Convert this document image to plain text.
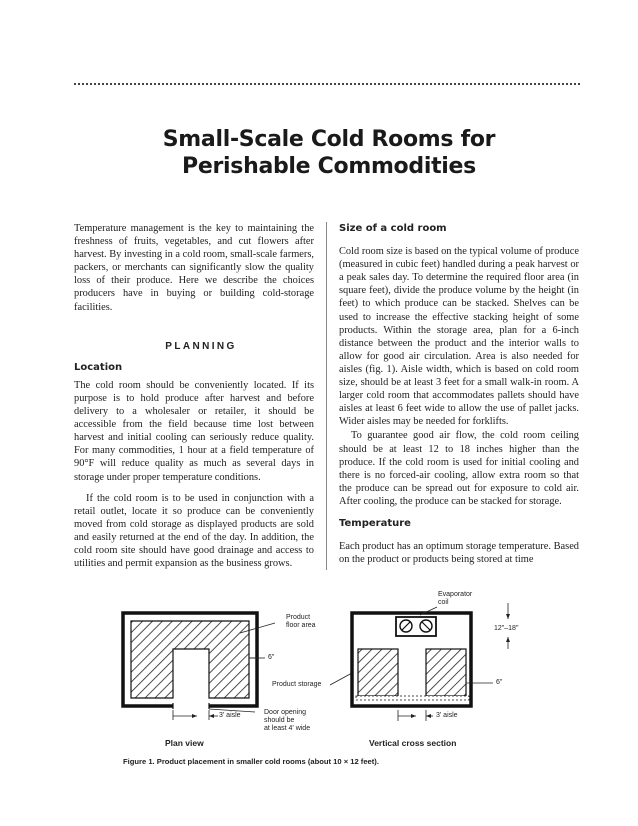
Small-Scale Cold Rooms for
Perishable Commodities

Temperature management is the key to maintaining the freshness of fruits, vegetables, and cut flowers after harvest. By investing in a cold room, small-scale farmers, packers, or merchants can significantly slow the quality loss of their produce. Here we describe the choices producers have in buying or building cold-storage facilities.

PLANNING
Location

The cold room should be conveniently located. If its purpose is to hold produce after harvest and before delivery to a wholesaler or retailer, it should be accessible from the field because time lost between harvest and initial cooling can seriously reduce quality. For many commodities, 1 hour at a field temperature of 90°F will reduce quality as much as several days in storage under proper temperature conditions.

If the cold room is to be used in conjunction with a retail outlet, locate it so produce can be conveniently moved from cold storage as displayed products are sold and easily returned at the end of the day. In addition, the cold room site should have good drainage and access to utilities and permit expansion as the business grows.

Size of a cold room

Cold room size is based on the typical volume of produce (measured in cubic feet) handled during a peak harvest or a peak sales day. To determine the required floor area (in square feet), divide the produce volume by the height (in feet) to which produce can be stacked. Shelves can be used to increase the effective stacking height of some products. Within the storage area, plan for a 6-inch distance between the product and the interior walls to allow for good air circulation. Area is also needed for aisles (fig. 1). Aisle width, which is based on cold room size, should be at least 3 feet for a small walk-in room. A larger cold room that accommodates pallets should have aisles at least 6 feet wide to allow the use of pallet jacks. Wider aisles may be needed for forklifts.

To guarantee good air flow, the cold room ceiling should be at least 12 to 18 inches higher than the produce. If the cold room is used for initial cooling and there is no forced-air cooling, allow extra room so that the produce can be spread out for exposure to cold air. After cooling, the produce can be stacked for storage.

Temperature

Each product has an optimum storage temperature. Based on the product or products being stored at time

Product
floor area
6"
Product storage
3' aisle	Door opening
should be
at least 4' wide
Evaporator
coil
12"–18"
6"
3' aisle
Plan view	Vertical cross section
Figure 1. Product placement in smaller cold rooms (about 10 × 12 feet).
